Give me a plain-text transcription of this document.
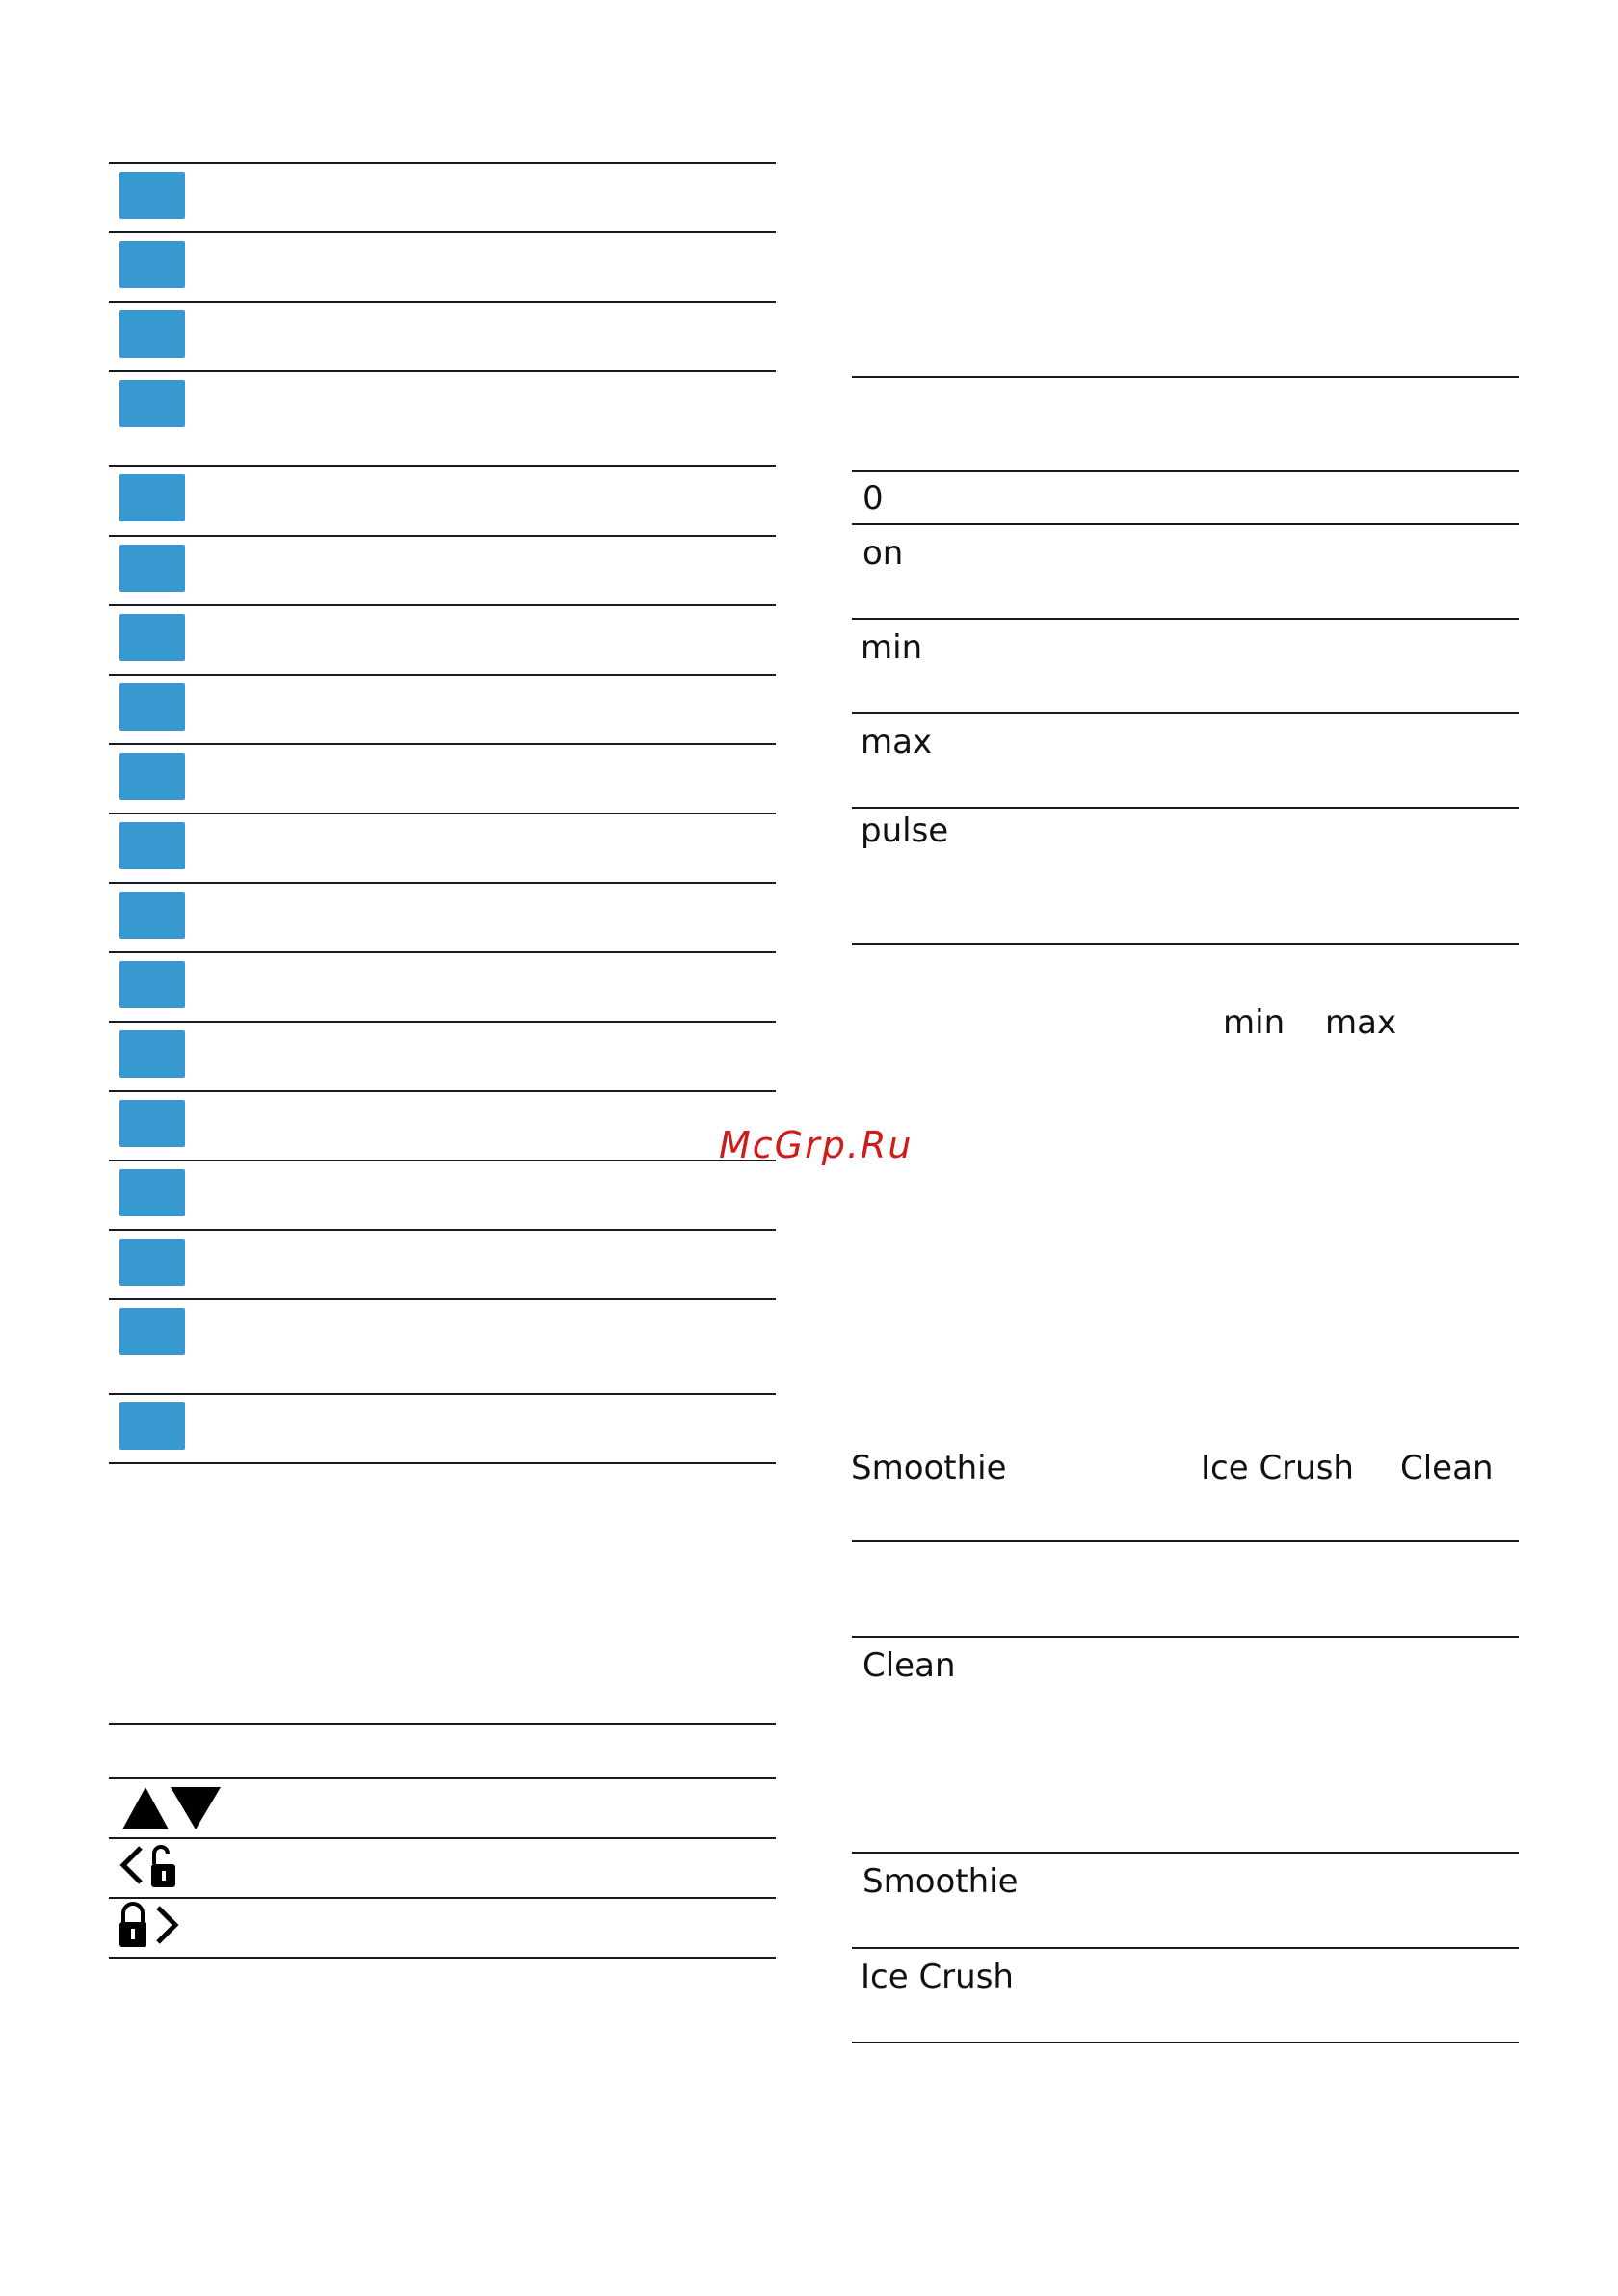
0
on
min
max
pulse
min max
McGrp.Ru
Smoothie	Ice Crush Clean
Clean
Smoothie
Ice Crush
